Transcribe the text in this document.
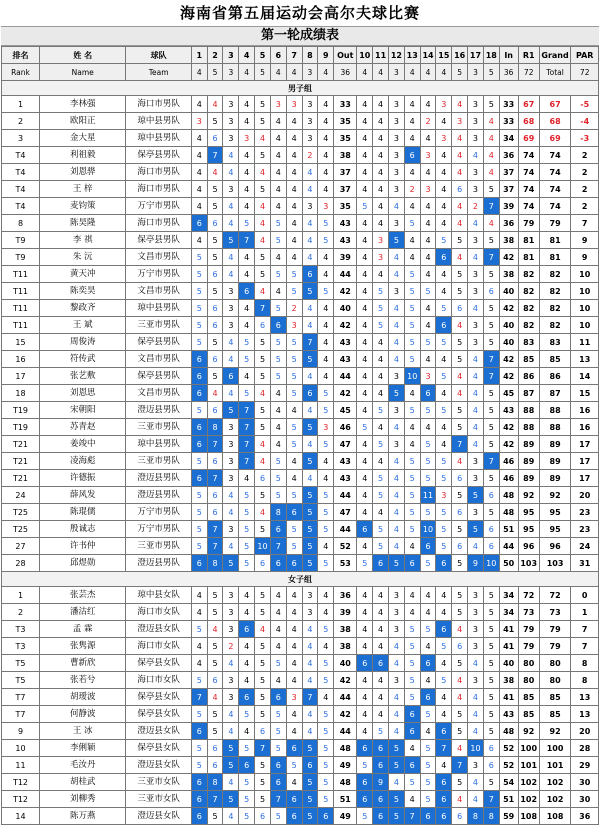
海南省第五届运动会高尔夫球比赛
第一轮成绩表
排名	姓 名	球队	1	2	3	4	5	6	7	8	9	Out	10	11	12	13	14	15	16	17	18	In	R1	Grand	PAR
Rank	Name	Team	4	5	3	4	5	4	4	3	4	36	4	4	3	4	4	4	5	3	5	36	72	Total	72
男子组																									
1	李林强	海口市男队	4	4	3	4	5	3	3	3	4	33	4	4	3	4	4	3	4	3	5	33	67	67	-5
2	欧阳正	琼中县男队	3	5	3	4	5	4	4	3	4	35	4	4	3	4	2	4	3	3	4	33	68	68	-4
3	金大星	琼中县男队	4	6	3	3	4	4	4	3	4	35	4	4	3	4	4	3	4	3	4	34	69	69	-3
T4	利祖毅	保亭县男队	4	7	4	4	5	4	4	2	4	38	4	4	3	6	3	4	4	4	4	36	74	74	2
T4	刘恩骅	海口市男队	4	4	4	4	4	4	4	4	4	37	4	4	3	4	4	4	4	3	4	37	74	74	2
T4	王 梓	海口市男队	4	5	3	4	5	4	4	4	4	37	4	4	3	2	3	4	6	3	5	37	74	74	2
T4	麦钧策	万宁市男队	4	5	4	4	4	4	4	3	3	35	5	4	4	4	4	4	4	2	7	39	74	74	2
8	陈昊隆	海口市男队	6	6	4	5	4	5	4	4	5	43	4	4	3	5	4	4	4	4	4	36	79	79	7
T9	李 祺	保亭县男队	4	5	5	7	4	5	4	4	5	43	4	3	5	4	4	5	5	3	5	38	81	81	9
T9	朱 沅	文昌市男队	5	5	4	4	5	4	4	4	4	39	4	3	4	4	4	6	4	4	7	42	81	81	9
T11	黄天冲	万宁市男队	5	6	4	4	5	5	5	6	4	44	4	4	4	5	4	4	5	3	5	38	82	82	10
T11	陈奕昊	文昌市男队	5	5	3	6	4	4	5	5	5	42	4	5	3	5	5	4	5	3	6	40	82	82	10
T11	黎政齐	琼中县男队	5	6	3	4	7	5	2	4	4	40	4	5	4	5	4	5	6	4	5	42	82	82	10
T11	王 斌	三亚市男队	5	6	3	4	6	6	3	4	4	42	4	5	4	5	4	6	4	3	5	40	82	82	10
15	周俊涛	保亭县男队	5	5	4	5	5	5	5	7	4	43	4	4	4	5	5	5	5	3	5	40	83	83	11
16	符传武	文昌市男队	6	6	4	5	5	5	5	5	4	43	4	4	4	5	4	4	5	4	7	42	85	85	13
17	张艺敷	保亭县男队	6	5	6	4	5	5	5	4	4	44	4	4	3	10	3	5	4	4	7	42	86	86	14
18	刘恩思	文昌市男队	6	4	4	5	4	4	5	6	5	42	4	4	5	4	6	4	4	4	5	45	87	87	15
T19	宋朝阳	澄迈县男队	5	6	5	7	5	4	4	4	5	45	4	5	3	5	5	5	5	4	5	43	88	88	16
T19	苏青赵	三亚市男队	6	8	3	7	5	4	5	5	3	46	5	4	4	4	4	4	5	4	5	42	88	88	16
T21	姜竣中	琼中县男队	6	7	3	7	4	4	5	4	5	47	4	5	3	4	5	4	7	4	5	42	89	89	17
T21	凌海彪	三亚市男队	5	6	3	7	4	5	4	5	4	43	4	4	4	5	5	5	4	3	7	46	89	89	17
T21	许德振	澄迈县男队	6	7	3	4	6	5	4	4	4	43	4	5	4	5	5	5	6	3	5	46	89	89	17
24	薛风发	澄迈县男队	5	6	4	5	5	5	5	5	5	44	4	5	4	5	11	3	5	5	6	48	92	92	20
T25	陈琨儒	万宁市男队	5	6	4	5	4	8	6	5	5	47	4	4	4	5	5	5	6	3	5	48	95	95	23
T25	殷诚志	万宁市男队	5	7	3	5	5	6	5	5	5	44	6	5	4	5	10	5	5	5	6	51	95	95	23
27	许书仲	三亚市男队	5	7	4	5	10	7	5	5	4	52	4	5	4	4	6	5	6	4	6	44	96	96	24
28	邱煜勋	澄迈县男队	6	8	5	5	6	6	6	5	5	53	5	6	5	6	5	6	5	9	10	50	103	103	31
女子组																									
1	张芸杰	琼中县女队	4	5	3	4	5	4	4	3	4	36	4	4	3	4	4	4	5	3	5	34	72	72	0
2	潘沽红	海口市女队	4	5	3	4	5	4	4	3	4	39	4	4	3	4	4	4	5	3	5	34	73	73	1
T3	孟 霖	澄迈县女队	5	4	3	6	4	4	4	4	5	38	4	4	3	5	5	6	4	3	5	41	79	79	7
T3	张隽源	海口市女队	4	5	2	4	5	4	4	4	4	38	4	4	4	5	4	5	6	3	5	41	79	79	7
T5	曹新欣	保亭县女队	4	5	4	4	5	5	4	4	5	40	6	6	4	5	6	4	5	4	5	40	80	80	8
T5	张若兮	海口市女队	5	6	3	4	5	4	4	4	5	42	4	4	3	5	4	5	4	3	5	38	80	80	8
T7	胡瑷波	保亭县女队	7	4	3	6	5	6	3	7	4	44	4	4	4	5	6	4	4	4	5	41	85	85	13
T7	何静波	保亭县女队	5	5	4	5	5	5	4	4	5	42	4	4	4	6	5	4	5	4	5	43	85	85	13
9	王 冰	澄迈县女队	6	5	4	4	6	5	4	4	5	44	4	5	4	6	4	6	5	4	5	48	92	92	20
10	李俐颖	保亭县女队	5	6	5	5	7	5	6	5	5	48	6	6	5	4	5	7	4	10	6	52	100	100	28
11	毛汝丹	澄迈县女队	5	6	5	6	5	6	5	6	5	49	5	6	5	6	5	4	7	3	6	52	101	101	29
T12	胡桂武	三亚市女队	6	8	4	5	5	6	4	5	5	48	6	9	4	5	5	6	5	4	5	54	102	102	30
T12	刘柳秀	三亚市女队	6	7	5	5	5	7	6	5	5	51	6	6	5	4	5	6	4	4	7	51	102	102	30
14	陈万燕	澄迈县女队	6	5	4	5	6	5	6	5	6	49	5	6	5	7	6	6	6	8	8	59	108	108	36
